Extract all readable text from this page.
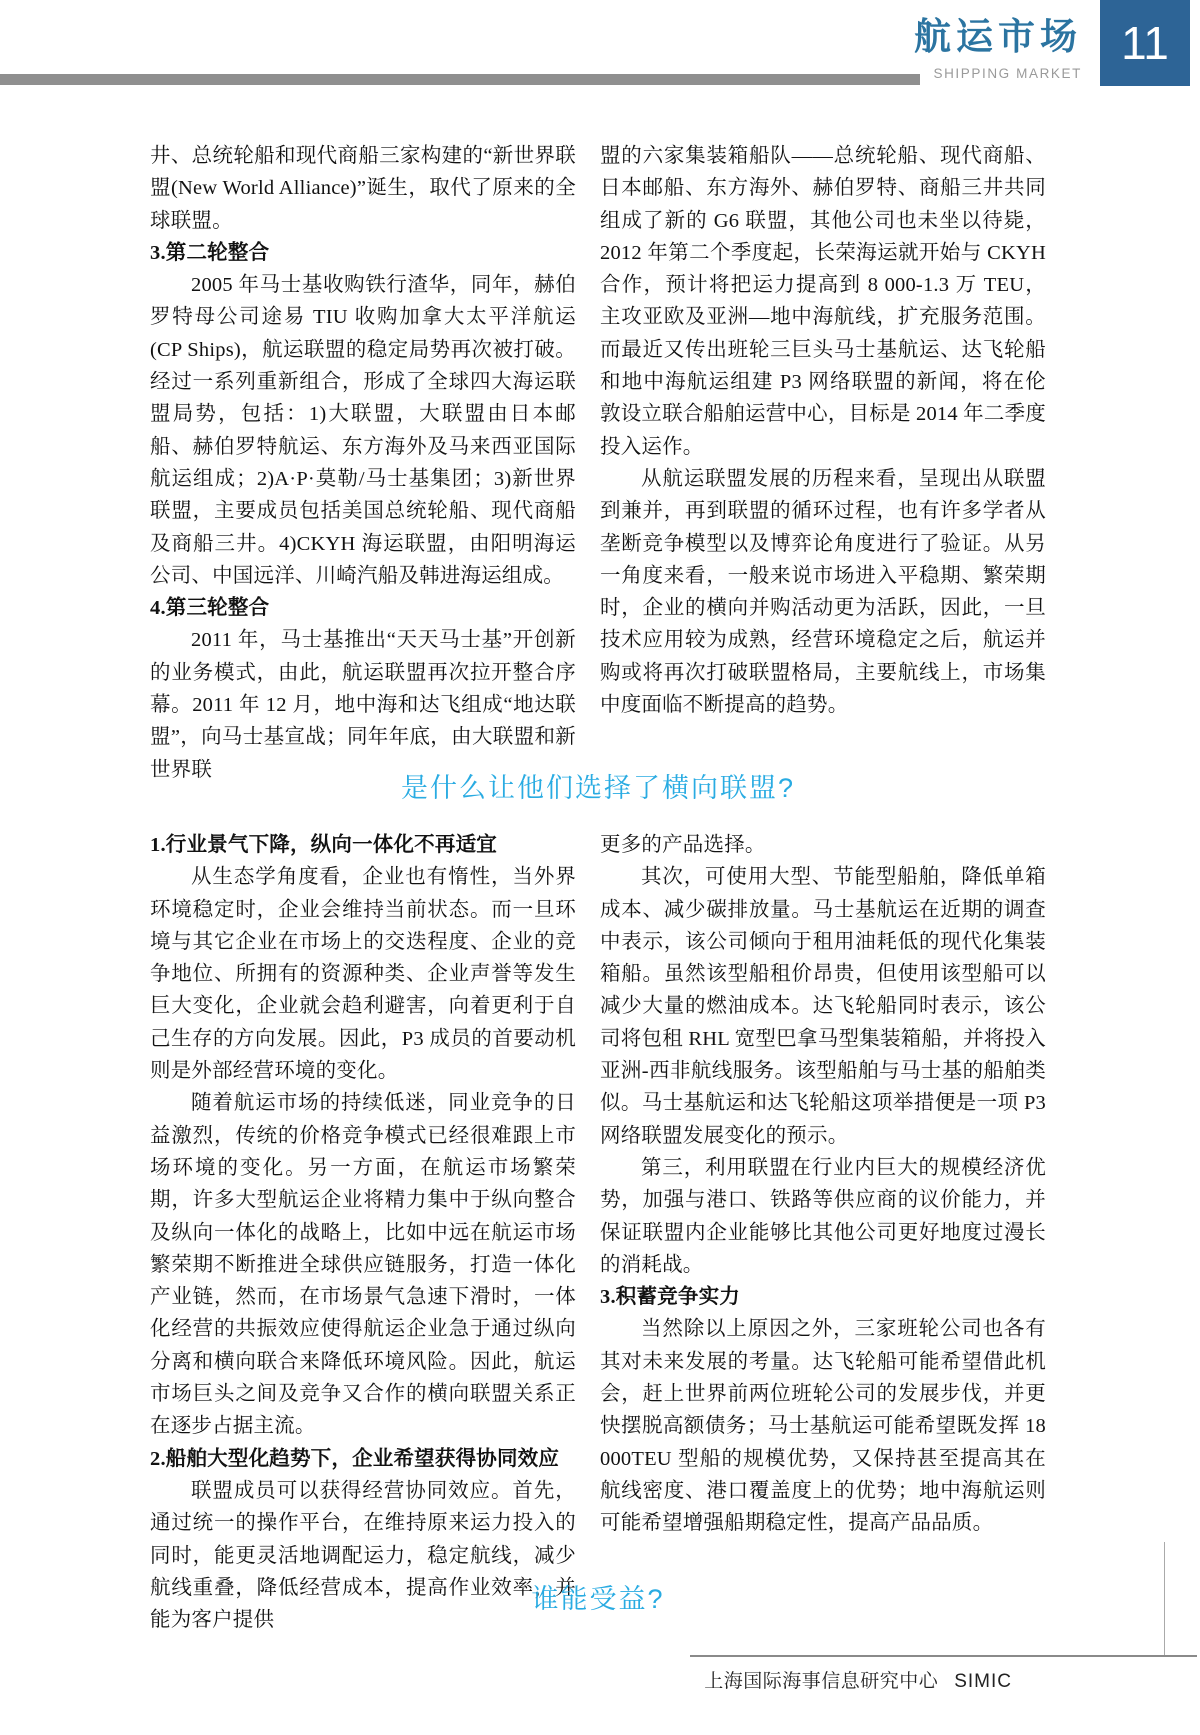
航运市场
SHIPPING MARKET
11

井、总统轮船和现代商船三家构建的“新世界联盟(New World Alliance)”诞生，取代了原来的全球联盟。

3.第二轮整合

2005 年马士基收购铁行渣华，同年，赫伯罗特母公司途易 TIU 收购加拿大太平洋航运(CP Ships)，航运联盟的稳定局势再次被打破。经过一系列重新组合，形成了全球四大海运联盟局势，包括：1)大联盟，大联盟由日本邮船、赫伯罗特航运、东方海外及马来西亚国际航运组成；2)A·P·莫勒/马士基集团；3)新世界联盟，主要成员包括美国总统轮船、现代商船及商船三井。4)CKYH 海运联盟，由阳明海运公司、中国远洋、川崎汽船及韩进海运组成。

4.第三轮整合

2011 年，马士基推出“天天马士基”开创新的业务模式，由此，航运联盟再次拉开整合序幕。2011 年 12 月，地中海和达飞组成“地达联盟”，向马士基宣战；同年年底，由大联盟和新世界联

盟的六家集装箱船队——总统轮船、现代商船、日本邮船、东方海外、赫伯罗特、商船三井共同组成了新的 G6 联盟，其他公司也未坐以待毙，2012 年第二个季度起，长荣海运就开始与 CKYH 合作，预计将把运力提高到 8 000-1.3 万 TEU，主攻亚欧及亚洲—地中海航线，扩充服务范围。而最近又传出班轮三巨头马士基航运、达飞轮船和地中海航运组建 P3 网络联盟的新闻，将在伦敦设立联合船舶运营中心，目标是 2014 年二季度投入运作。

从航运联盟发展的历程来看，呈现出从联盟到兼并，再到联盟的循环过程，也有许多学者从垄断竞争模型以及博弈论角度进行了验证。从另一角度来看，一般来说市场进入平稳期、繁荣期时，企业的横向并购活动更为活跃，因此，一旦技术应用较为成熟，经营环境稳定之后，航运并购或将再次打破联盟格局，主要航线上，市场集中度面临不断提高的趋势。

是什么让他们选择了横向联盟?

1.行业景气下降，纵向一体化不再适宜

从生态学角度看，企业也有惰性，当外界环境稳定时，企业会维持当前状态。而一旦环境与其它企业在市场上的交迭程度、企业的竞争地位、所拥有的资源种类、企业声誉等发生巨大变化，企业就会趋利避害，向着更利于自己生存的方向发展。因此，P3 成员的首要动机则是外部经营环境的变化。

随着航运市场的持续低迷，同业竞争的日益激烈，传统的价格竞争模式已经很难跟上市场环境的变化。另一方面，在航运市场繁荣期，许多大型航运企业将精力集中于纵向整合及纵向一体化的战略上，比如中远在航运市场繁荣期不断推进全球供应链服务，打造一体化产业链，然而，在市场景气急速下滑时，一体化经营的共振效应使得航运企业急于通过纵向分离和横向联合来降低环境风险。因此，航运市场巨头之间及竞争又合作的横向联盟关系正在逐步占据主流。

2.船舶大型化趋势下，企业希望获得协同效应

联盟成员可以获得经营协同效应。首先，通过统一的操作平台，在维持原来运力投入的同时，能更灵活地调配运力，稳定航线，减少航线重叠，降低经营成本，提高作业效率，并能为客户提供

更多的产品选择。

其次，可使用大型、节能型船舶，降低单箱成本、减少碳排放量。马士基航运在近期的调查中表示，该公司倾向于租用油耗低的现代化集装箱船。虽然该型船租价昂贵，但使用该型船可以减少大量的燃油成本。达飞轮船同时表示，该公司将包租 RHL 宽型巴拿马型集装箱船，并将投入亚洲-西非航线服务。该型船舶与马士基的船舶类似。马士基航运和达飞轮船这项举措便是一项 P3 网络联盟发展变化的预示。

第三，利用联盟在行业内巨大的规模经济优势，加强与港口、铁路等供应商的议价能力，并保证联盟内企业能够比其他公司更好地度过漫长的消耗战。

3.积蓄竞争实力

当然除以上原因之外，三家班轮公司也各有其对未来发展的考量。达飞轮船可能希望借此机会，赶上世界前两位班轮公司的发展步伐，并更快摆脱高额债务；马士基航运可能希望既发挥 18 000TEU 型船的规模优势，又保持甚至提高其在航线密度、港口覆盖度上的优势；地中海航运则可能希望增强船期稳定性，提高产品品质。

谁能受益?
上海国际海事信息研究中心 SIMIC
